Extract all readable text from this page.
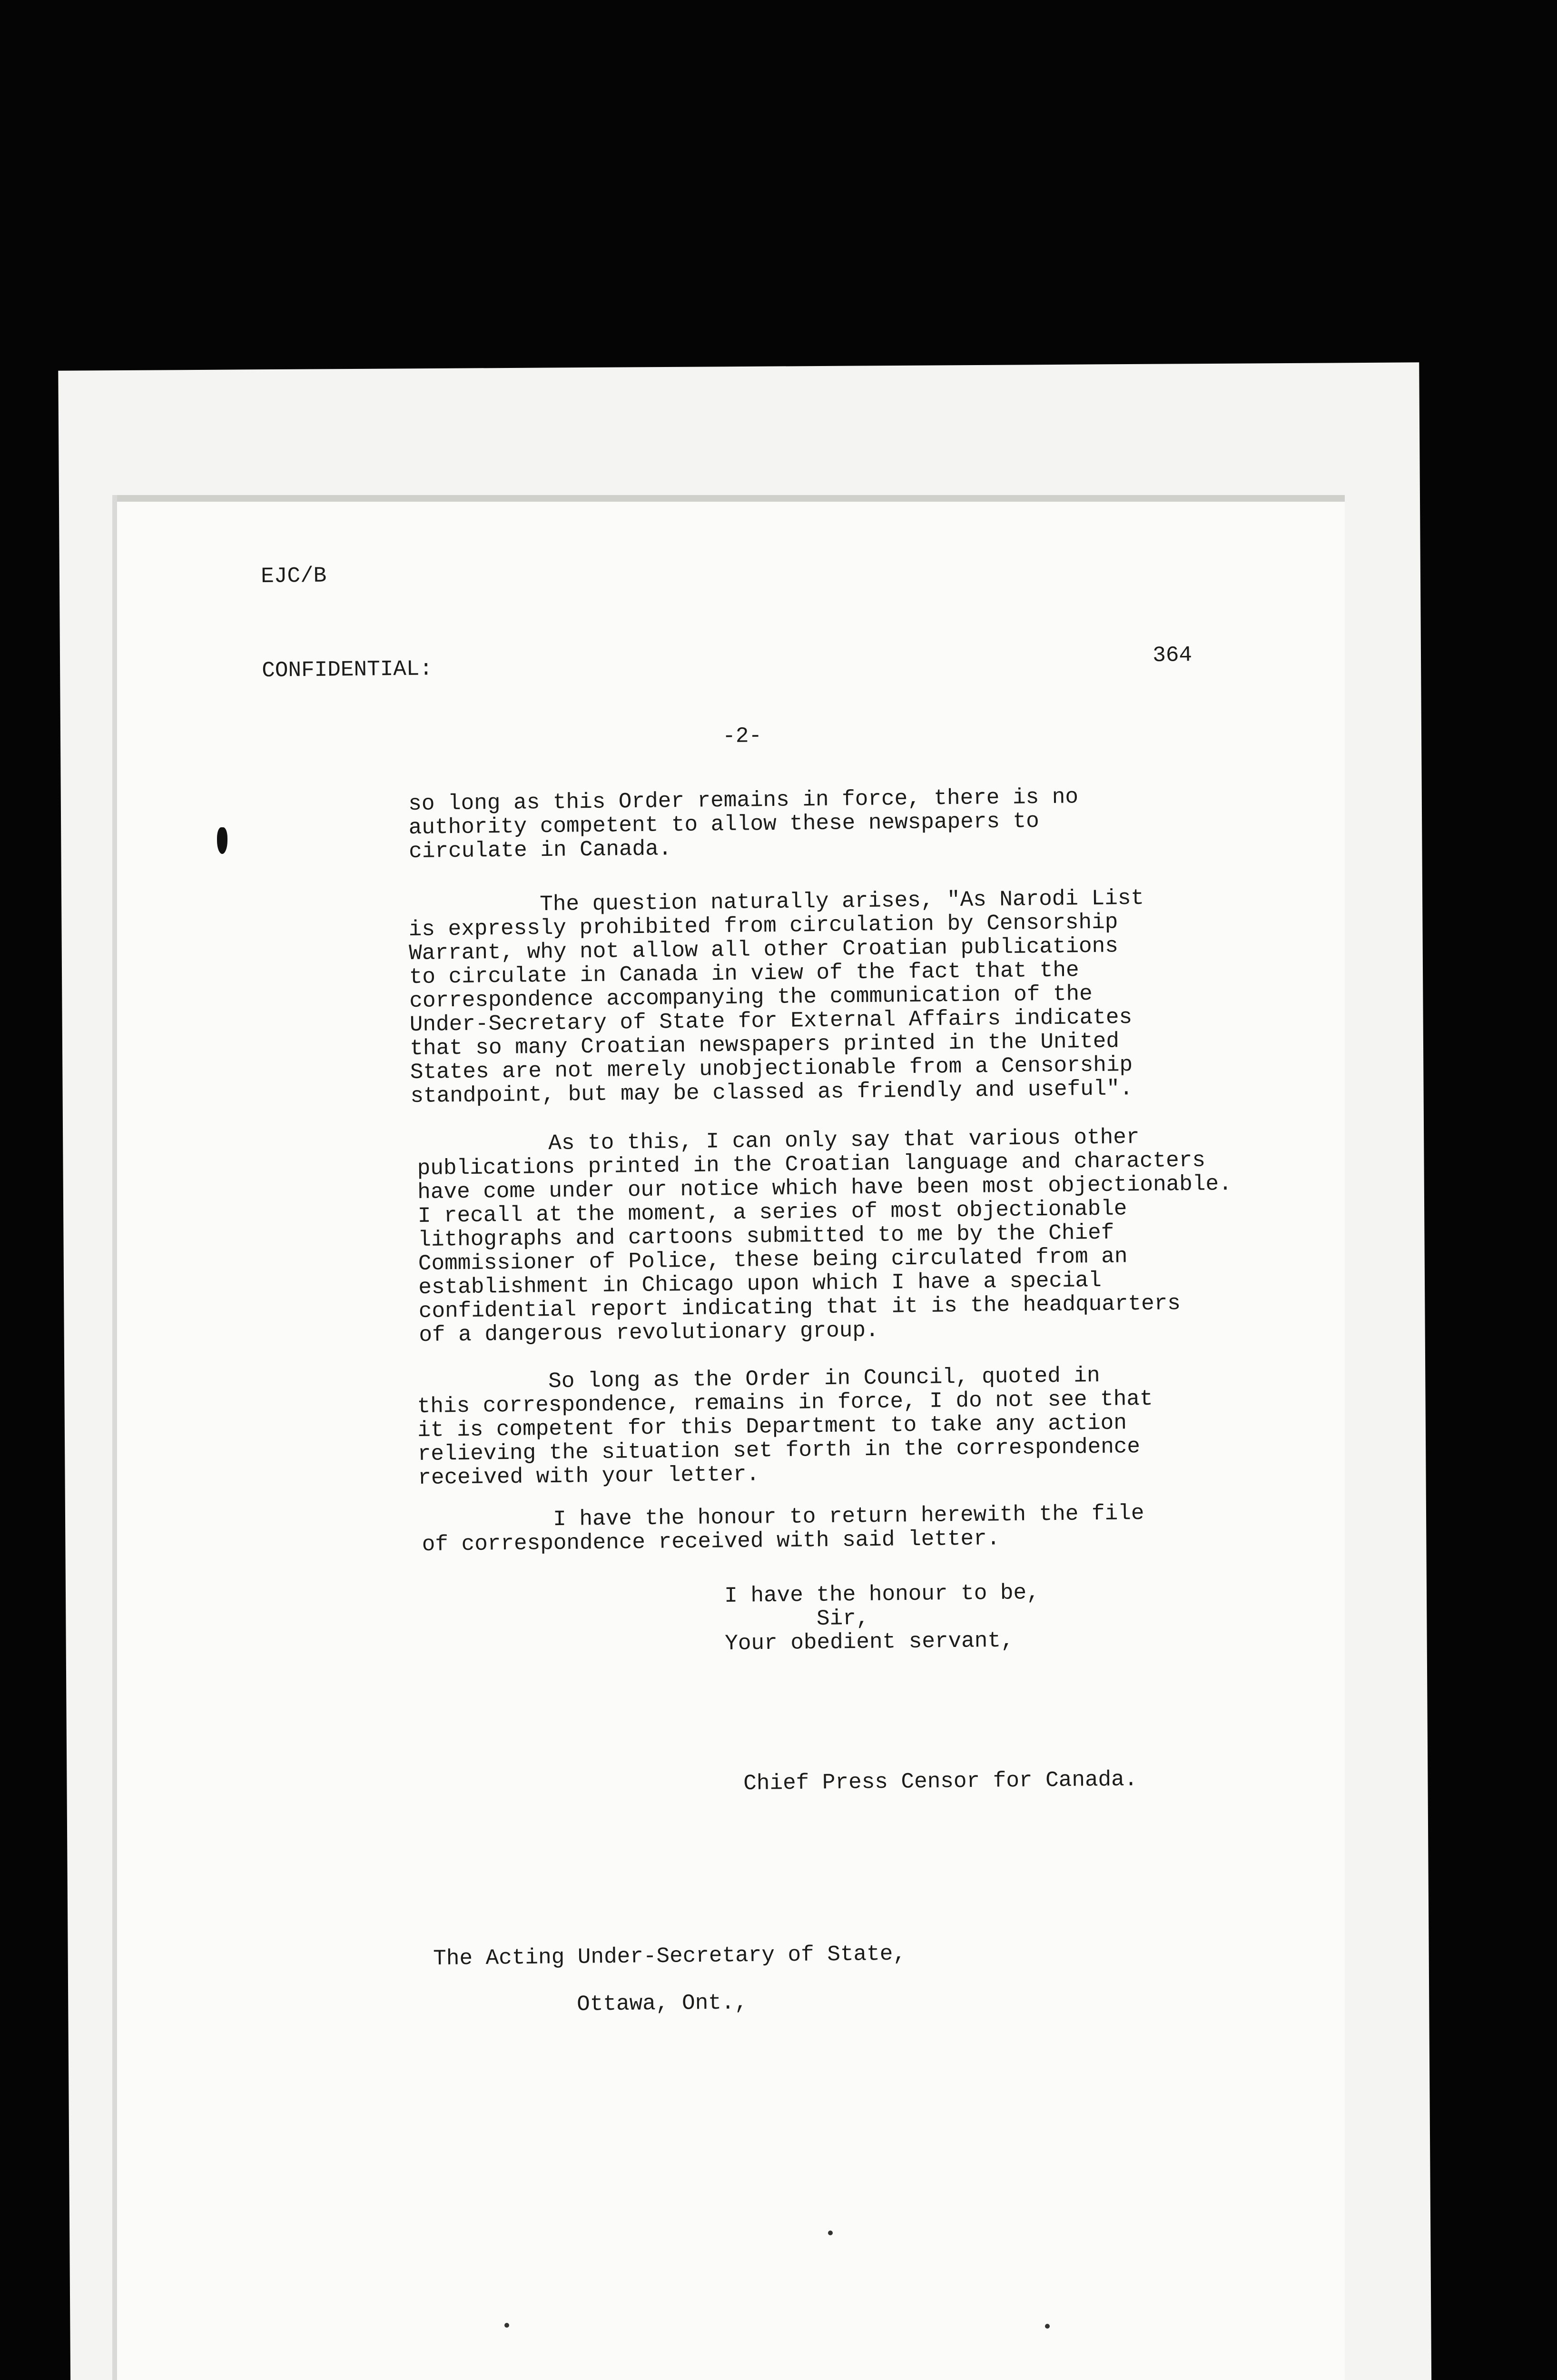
EJC/B
CONFIDENTIAL:
364
-2-
so long as this Order remains in force, there is no
authority competent to allow these newspapers to
circulate in Canada.
The question naturally arises, "As Narodi List
is expressly prohibited from circulation by Censorship
Warrant, why not allow all other Croatian publications
to circulate in Canada in view of the fact that the
correspondence accompanying the communication of the
Under-Secretary of State for External Affairs indicates
that so many Croatian newspapers printed in the United
States are not merely unobjectionable from a Censorship
standpoint, but may be classed as friendly and useful".
As to this, I can only say that various other
publications printed in the Croatian language and characters
have come under our notice which have been most objectionable.
I recall at the moment, a series of most objectionable
lithographs and cartoons submitted to me by the Chief
Commissioner of Police, these being circulated from an
establishment in Chicago upon which I have a special
confidential report indicating that it is the headquarters
of a dangerous revolutionary group.
So long as the Order in Council, quoted in
this correspondence, remains in force, I do not see that
it is competent for this Department to take any action
relieving the situation set forth in the correspondence
received with your letter.
I have the honour to return herewith the file
of correspondence received with said letter.
I have the honour to be,
Sir,
Your obedient servant,
Chief Press Censor for Canada.
The Acting Under-Secretary of State,
Ottawa, Ont.,
